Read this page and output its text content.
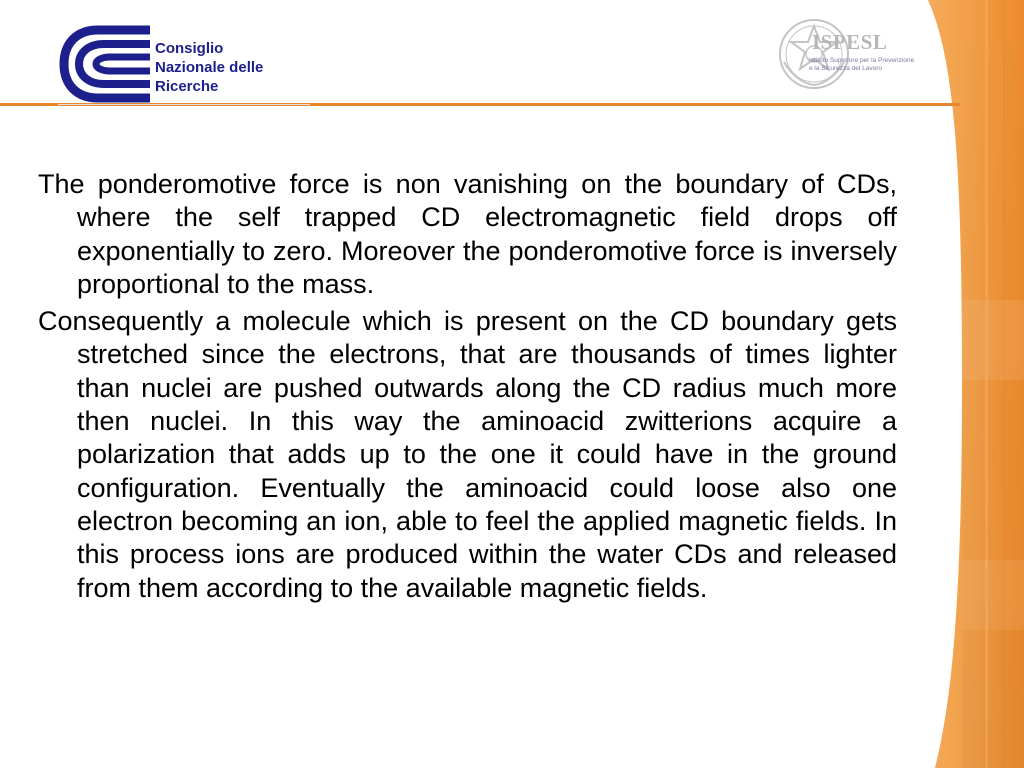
Consiglio
Nazionale delle
Ricerche
ISPESL
Istituto Superiore per la Prevenzione
e la Sicurezza del Lavoro

The ponderomotive force is non vanishing on the boundary of CDs, where the self trapped CD electromagnetic field drops off exponentially to zero. Moreover the ponderomotive force is inversely proportional to the mass.

Consequently a molecule which is present on the CD boundary gets stretched since the electrons, that are thousands of times lighter than nuclei are pushed outwards along the CD radius much more then nuclei. In this way the aminoacid zwitterions acquire a polarization that adds up to the one it could have in the ground configuration. Eventually the aminoacid could loose also one electron becoming an ion, able to feel the applied magnetic fields. In this process ions are produced within the water CDs and released from them according to the available magnetic fields.
